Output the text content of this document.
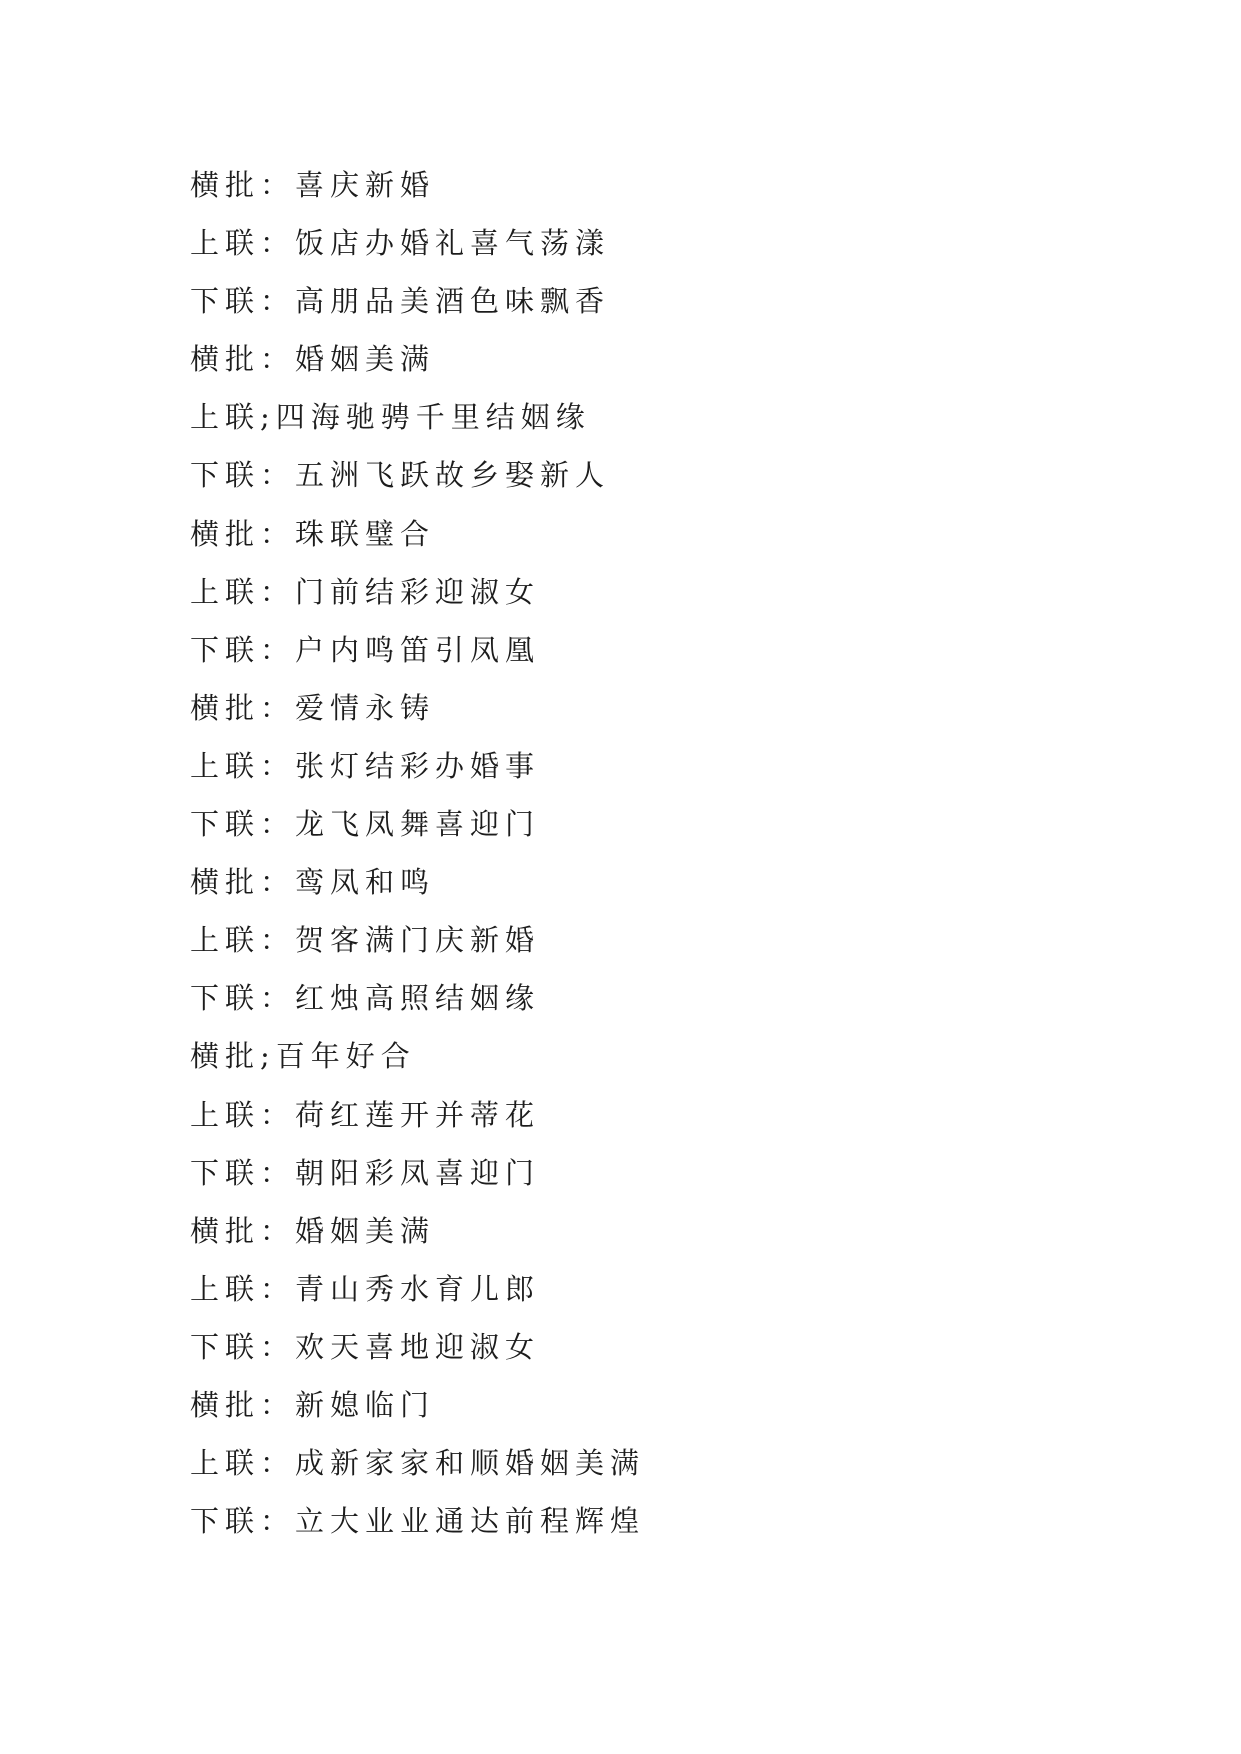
横批：喜庆新婚
上联：饭店办婚礼喜气荡漾
下联：高朋品美酒色味飘香
横批：婚姻美满
上联;四海驰骋千里结姻缘
下联：五洲飞跃故乡娶新人
横批：珠联璧合
上联：门前结彩迎淑女
下联：户内鸣笛引凤凰
横批：爱情永铸
上联：张灯结彩办婚事
下联：龙飞凤舞喜迎门
横批：鸾凤和鸣
上联：贺客满门庆新婚
下联：红烛高照结姻缘
横批;百年好合
上联：荷红莲开并蒂花
下联：朝阳彩凤喜迎门
横批：婚姻美满
上联：青山秀水育儿郎
下联：欢天喜地迎淑女
横批：新媳临门
上联：成新家家和顺婚姻美满
下联：立大业业通达前程辉煌
